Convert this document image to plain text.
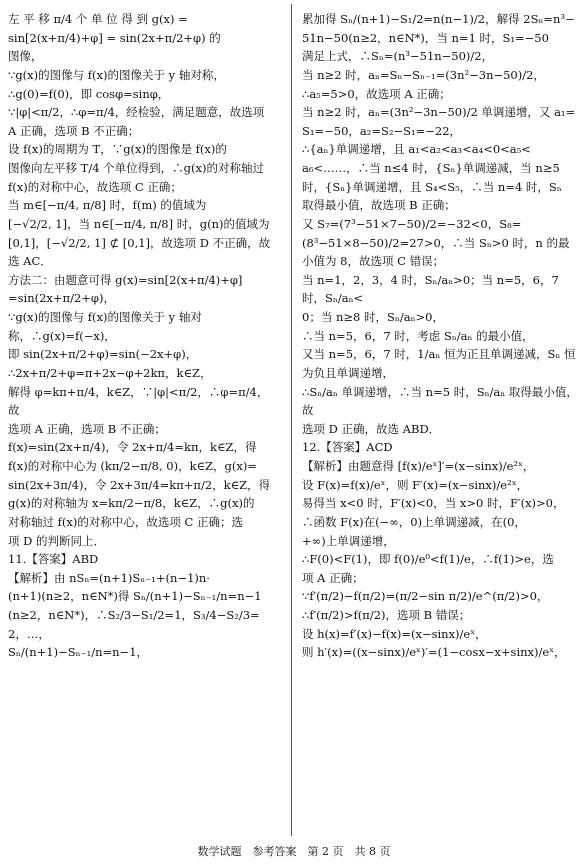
左 平 移 π/4 个 单 位 得 到 g(x) =

sin[2(x+π/4)+φ] = sin(2x+π/2+φ) 的

图像，

∵g(x)的图像与 f(x)的图像关于 y 轴对称，

∴g(0)=f(0)，即 cosφ=sinφ，

∵|φ|<π/2，∴φ=π/4，经检验，满足题意，故选项

A 正确，选项 B 不正确；

设 f(x)的周期为 T，∵g(x)的图像是 f(x)的

图像向左平移 T/4 个单位得到，∴g(x)的对称轴过

f(x)的对称中心，故选项 C 正确；

当 m∈[−π/4, π/8] 时，f(m) 的值域为

[−√2/2, 1]，当 n∈[−π/4, π/8] 时，g(n)的值域为

[0,1]，[−√2/2, 1] ⊄ [0,1]，故选项 D 不正确，故

选 AC．

方法二：由题意可得 g(x)=sin[2(x+π/4)+φ]

=sin(2x+π/2+φ)，

∵g(x)的图像与 f(x)的图像关于 y 轴对

称，∴g(x)=f(−x)，

即 sin(2x+π/2+φ)=sin(−2x+φ)，

∴2x+π/2+φ=π+2x−φ+2kπ，k∈Z，

解得 φ=kπ+π/4，k∈Z，∵|φ|<π/2，∴φ=π/4，故

选项 A 正确，选项 B 不正确；

f(x)=sin(2x+π/4)，令 2x+π/4=kπ，k∈Z，得

f(x)的对称中心为 (kπ/2−π/8, 0)，k∈Z，g(x)=

sin(2x+3π/4)，令 2x+3π/4=kπ+π/2，k∈Z，得

g(x)的对称轴为 x=kπ/2−π/8，k∈Z，∴g(x)的

对称轴过 f(x)的对称中心，故选项 C 正确；选

项 D 的判断同上．

11.【答案】ABD

【解析】由 nSₙ=(n+1)Sₙ₋₁+(n−1)n·

(n+1)(n≥2，n∈N*)得 Sₙ/(n+1)−Sₙ₋₁/n=n−1

(n≥2，n∈N*)，∴S₂/3−S₁/2=1，S₃/4−S₂/3=2，…，

Sₙ/(n+1)−Sₙ₋₁/n=n−1，

累加得 Sₙ/(n+1)−S₁/2=n(n−1)/2，解得 2Sₙ=n³−

51n−50(n≥2，n∈N*)，当 n=1 时，S₁=−50

满足上式，∴Sₙ=(n³−51n−50)/2，

当 n≥2 时，aₙ=Sₙ−Sₙ₋₁=(3n²−3n−50)/2，

∴a₅=5>0，故选项 A 正确；

当 n≥2 时，aₙ=(3n²−3n−50)/2 单调递增，又 a₁=

S₁=−50，a₂=S₂−S₁=−22，

∴{aₙ}单调递增，且 a₁<a₂<a₃<a₄<0<a₅<

a₆<……，∴当 n≤4 时，{Sₙ}单调递减，当 n≥5

时，{Sₙ}单调递增，且 S₄<S₅，∴当 n=4 时，Sₙ

取得最小值，故选项 B 正确；

又 S₇=(7³−51×7−50)/2=−32<0，S₈=

(8³−51×8−50)/2=27>0，∴当 Sₙ>0 时，n 的最

小值为 8，故选项 C 错误；

当 n=1，2，3，4 时，Sₙ/aₙ>0；当 n=5，6，7 时，Sₙ/aₙ<

0；当 n≥8 时，Sₙ/aₙ>0，

∴当 n=5，6，7 时，考虑 Sₙ/aₙ 的最小值，

又当 n=5，6，7 时，1/aₙ 恒为正且单调递减，Sₙ 恒

为负且单调递增，

∴Sₙ/aₙ 单调递增，∴当 n=5 时，Sₙ/aₙ 取得最小值，故

选项 D 正确，故选 ABD．

12.【答案】ACD

【解析】由题意得 [f(x)/eˣ]′=(x−sinx)/e²ˣ，

设 F(x)=f(x)/eˣ，则 F′(x)=(x−sinx)/e²ˣ，

易得当 x<0 时，F′(x)<0，当 x>0 时，F′(x)>0，

∴函数 F(x)在(−∞，0)上单调递减，在(0，

+∞)上单调递增，

∴F(0)<F(1)，即 f(0)/e⁰<f(1)/e，∴f(1)>e，选

项 A 正确；

∵f′(π/2)−f(π/2)=(π/2−sin π/2)/e^(π/2)>0，

∴f′(π/2)>f(π/2)，选项 B 错误；

设 h(x)=f′(x)−f(x)=(x−sinx)/eˣ，

则 h′(x)=((x−sinx)/eˣ)′=(1−cosx−x+sinx)/eˣ，

数学试题　参考答案　第 2 页　共 8 页
